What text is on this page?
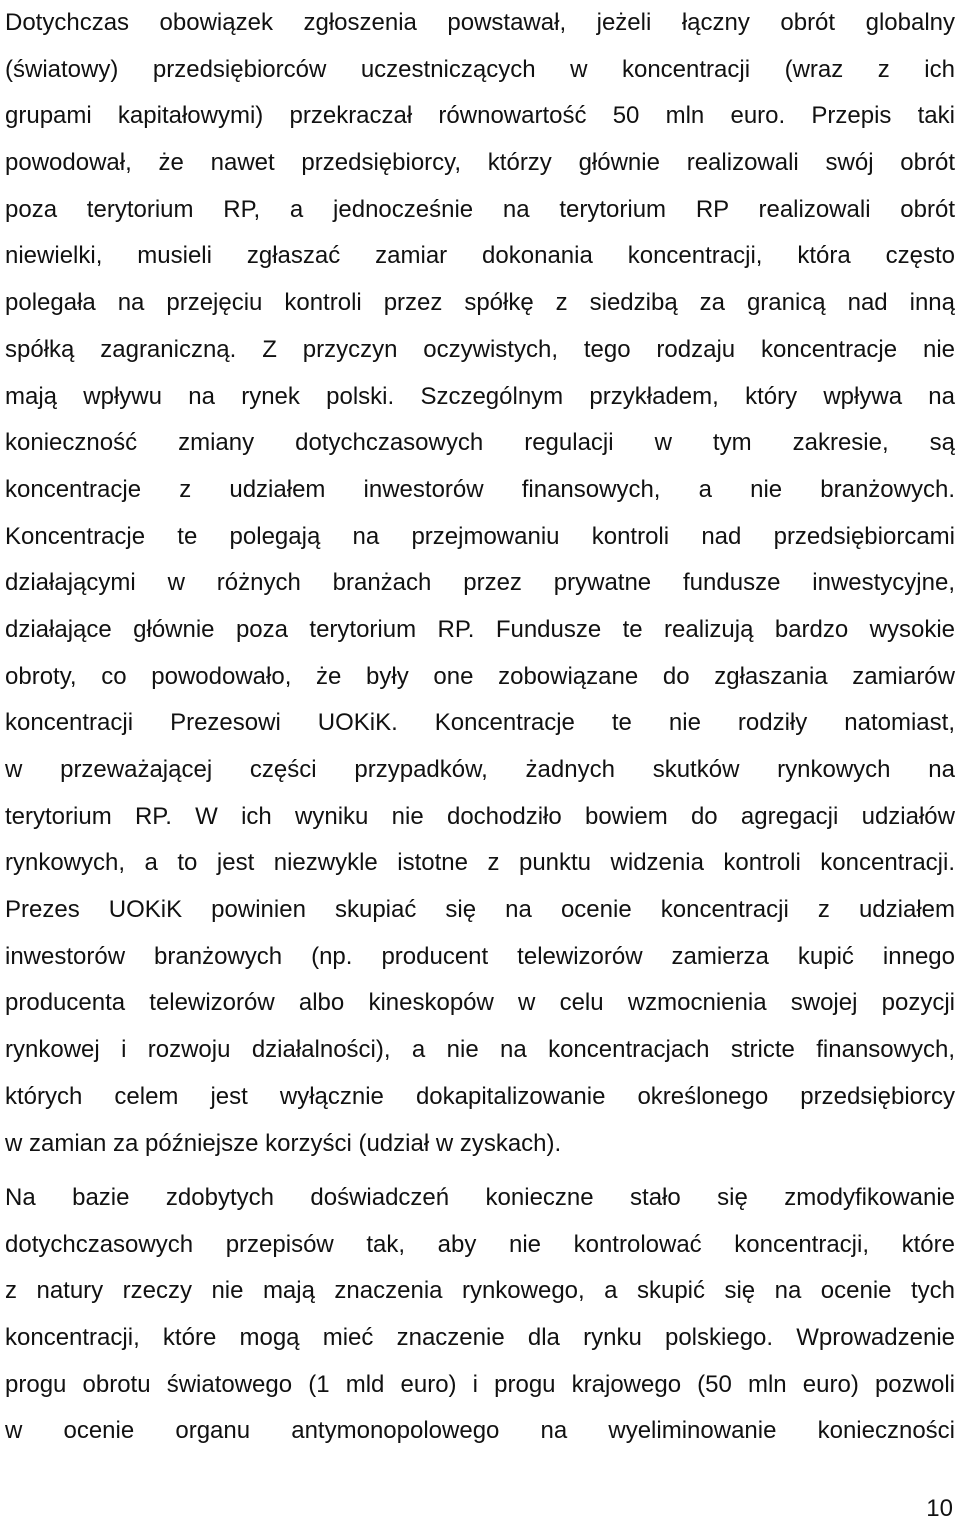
Dotychczas obowiązek zgłoszenia powstawał, jeżeli łączny obrót globalny
(światowy) przedsiębiorców uczestniczących w koncentracji (wraz z ich
grupami kapitałowymi) przekraczał równowartość 50 mln euro. Przepis taki
powodował, że nawet przedsiębiorcy, którzy głównie realizowali swój obrót
poza terytorium RP, a jednocześnie na terytorium RP realizowali obrót
niewielki, musieli zgłaszać zamiar dokonania koncentracji, która często
polegała na przejęciu kontroli przez spółkę z siedzibą za granicą nad inną
spółką zagraniczną. Z przyczyn oczywistych, tego rodzaju koncentracje nie
mają wpływu na rynek polski. Szczególnym przykładem, który wpływa na
konieczność zmiany dotychczasowych regulacji w tym zakresie, są
koncentracje z udziałem inwestorów finansowych, a nie branżowych.
Koncentracje te polegają na przejmowaniu kontroli nad przedsiębiorcami
działającymi w różnych branżach przez prywatne fundusze inwestycyjne,
działające głównie poza terytorium RP. Fundusze te realizują bardzo wysokie
obroty, co powodowało, że były one zobowiązane do zgłaszania zamiarów
koncentracji Prezesowi UOKiK. Koncentracje te nie rodziły natomiast,
w przeważającej części przypadków, żadnych skutków rynkowych na
terytorium RP. W ich wyniku nie dochodziło bowiem do agregacji udziałów
rynkowych, a to jest niezwykle istotne z punktu widzenia kontroli koncentracji.
Prezes UOKiK powinien skupiać się na ocenie koncentracji z udziałem
inwestorów branżowych (np. producent telewizorów zamierza kupić innego
producenta telewizorów albo kineskopów w celu wzmocnienia swojej pozycji
rynkowej i rozwoju działalności), a nie na koncentracjach stricte finansowych,
których celem jest wyłącznie dokapitalizowanie określonego przedsiębiorcy
w zamian za późniejsze korzyści (udział w zyskach).
Na bazie zdobytych doświadczeń konieczne stało się zmodyfikowanie
dotychczasowych przepisów tak, aby nie kontrolować koncentracji, które
z natury rzeczy nie mają znaczenia rynkowego, a skupić się na ocenie tych
koncentracji, które mogą mieć znaczenie dla rynku polskiego. Wprowadzenie
progu obrotu światowego (1 mld euro) i progu krajowego (50 mln euro) pozwoli
w ocenie organu antymonopolowego na wyeliminowanie konieczności
10
